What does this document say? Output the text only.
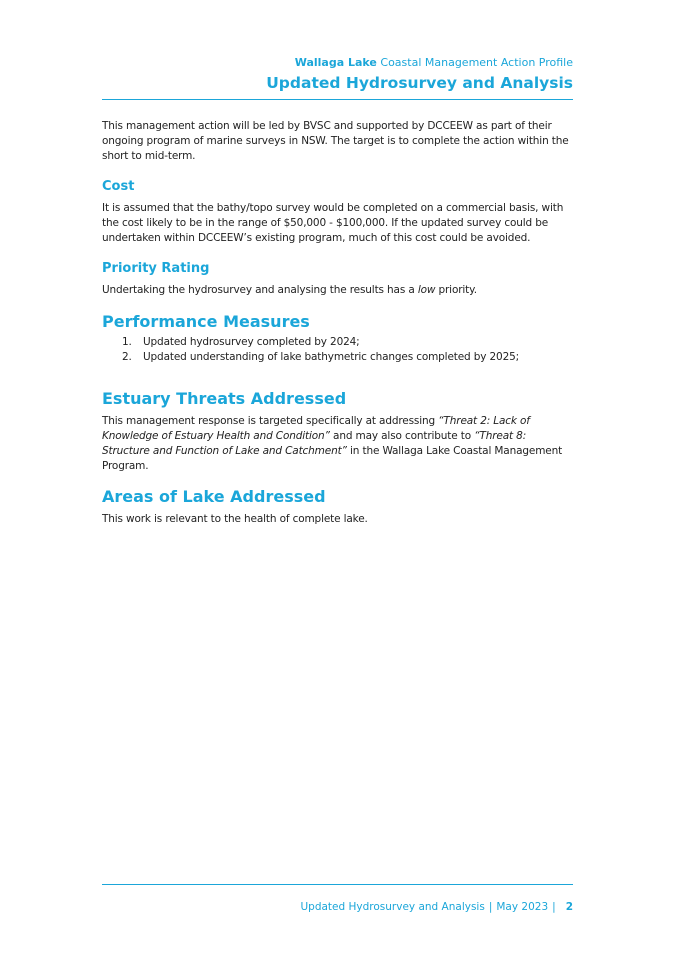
Wallaga Lake Coastal Management Action Profile
Updated Hydrosurvey and Analysis

This management action will be led by BVSC and supported by DCCEEW as part of their ongoing program of marine surveys in NSW. The target is to complete the action within the short to mid-term.

Cost

It is assumed that the bathy/topo survey would be completed on a commercial basis, with the cost likely to be in the range of $50,000 - $100,000. If the updated survey could be undertaken within DCCEEW’s existing program, much of this cost could be avoided.

Priority Rating

Undertaking the hydrosurvey and analysing the results has a low priority.

Performance Measures
1. Updated hydrosurvey completed by 2024;
2. Updated understanding of lake bathymetric changes completed by 2025;
Estuary Threats Addressed

This management response is targeted specifically at addressing “Threat 2: Lack of Knowledge of Estuary Health and Condition” and may also contribute to “Threat 8: Structure and Function of Lake and Catchment” in the Wallaga Lake Coastal Management Program.

Areas of Lake Addressed

This work is relevant to the health of complete lake.

Updated Hydrosurvey and Analysis | May 2023 | 2
